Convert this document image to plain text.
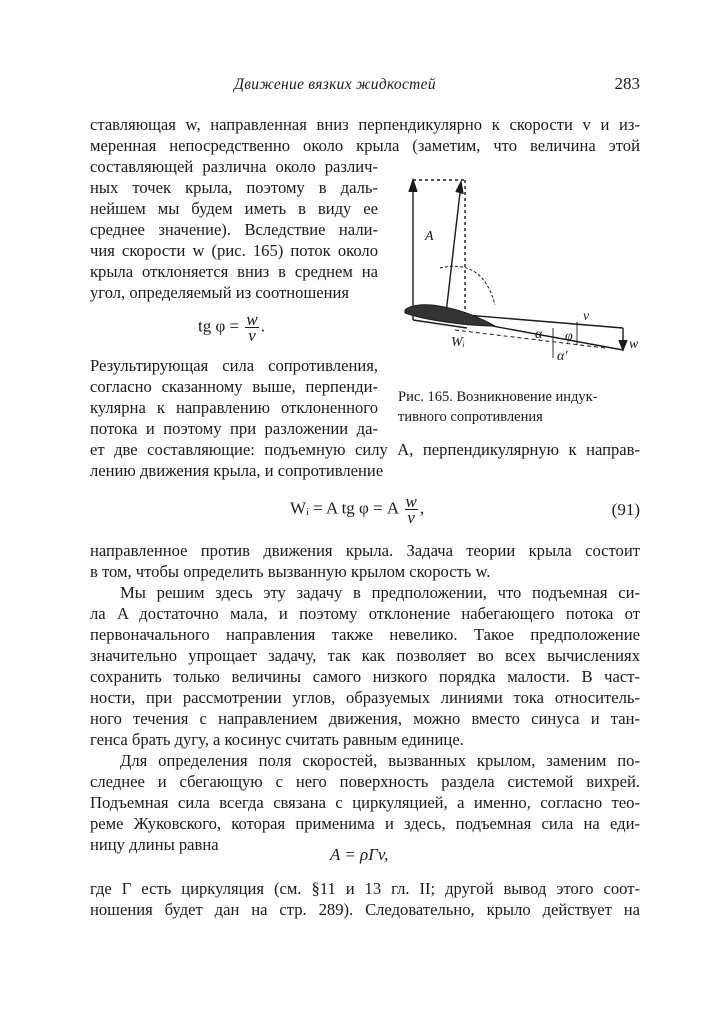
Движение вязких жидкостей	283
ставляющая w, направленная вниз перпендикулярно к скорости v и из-
меренная непосредственно около крыла (заметим, что величина этой
составляющей различна около различ-
ных точек крыла, поэтому в даль-
нейшем мы будем иметь в виду ее
среднее значение). Вследствие нали-
чия скорости w (рис. 165) поток около
крыла отклоняется вниз в среднем на
угол, определяемый из соотношения
tg $\varphi = \frac{w}{v}$ .
Результирующая сила сопротивления,
согласно сказанному выше, перпенди-
кулярна к направлению отклоненного
потока и поэтому при разложении да-
ет две составляющие: подъемную силу A, перпендикулярную к направ-
лению движения крыла, и сопротивление
Wᵢ = A tg φ = A $\frac{w}{v}$ ,	(91)
направленное против движения крыла. Задача теории крыла состоит
в том, чтобы определить вызванную крылом скорость w.
Мы решим здесь эту задачу в предположении, что подъемная си-
ла A достаточно мала, и поэтому отклонение набегающего потока от
первоначального направления также невелико. Такое предположение
значительно упрощает задачу, так как позволяет во всех вычислениях
сохранить только величины самого низкого порядка малости. В част-
ности, при рассмотрении углов, образуемых линиями тока относитель-
ного течения с направлением движения, можно вместо синуса и тан-
генса брать дугу, а косинус считать равным единице.
Для определения поля скоростей, вызванных крылом, заменим по-
следнее и сбегающую с него поверхность раздела системой вихрей.
Подъемная сила всегда связана с циркуляцией, а именно, согласно тео-
реме Жуковского, которая применима и здесь, подъемная сила на еди-
ницу длины равна
A = ρΓv,
где Γ есть циркуляция (см. §11 и 13 гл. II; другой вывод этого соот-
ношения будет дан на стр. 289). Следовательно, крыло действует на
A
v
w
Wᵢ
α φ
α′
Рис. 165. Возникновение индук-
тивного сопротивления
